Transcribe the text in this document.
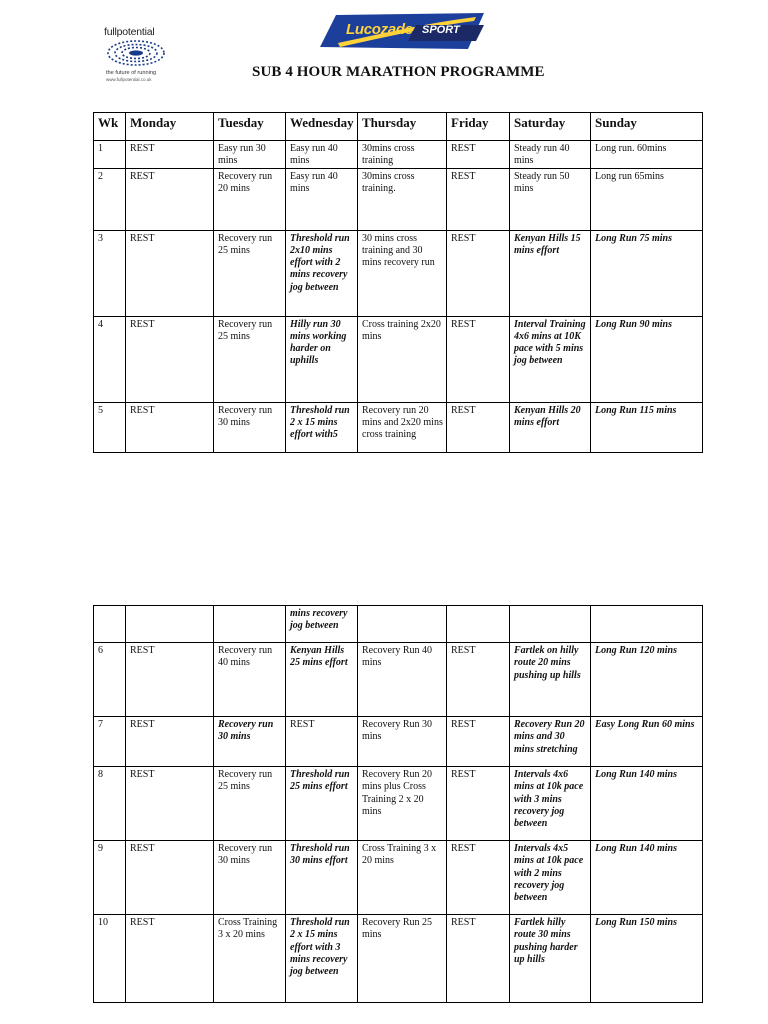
fullpotential
the future of running
www.fullpotential.co.uk
Lucozade SPORT
SUB 4 HOUR MARATHON PROGRAMME
Wk	Monday	Tuesday	Wednesday	Thursday	Friday	Saturday	Sunday
1	REST	Easy run 30 mins	Easy run 40 mins	30mins cross training	REST	Steady run 40 mins	Long run. 60mins
2	REST	Recovery run 20 mins	Easy run 40 mins	30mins cross training.	REST	Steady run 50 mins	Long run 65mins
3	REST	Recovery run 25 mins	Threshold run 2x10 mins effort with 2 mins recovery jog between	30 mins cross training and 30 mins recovery run	REST	Kenyan Hills 15 mins effort	Long Run 75 mins
4	REST	Recovery run 25 mins	Hilly run 30 mins working harder on uphills	Cross training 2x20 mins	REST	Interval Training 4x6 mins at 10K pace with 5 mins jog between	Long Run 90 mins
5	REST	Recovery run 30 mins	Threshold run 2 x 15 mins effort with5	Recovery run 20 mins and 2x20 mins cross training	REST	Kenyan Hills 20 mins effort	Long Run 115 mins
			mins recovery jog between				
6	REST	Recovery run 40 mins	Kenyan Hills 25 mins effort	Recovery Run 40 mins	REST	Fartlek on hilly route 20 mins pushing up hills	Long Run 120 mins
7	REST	Recovery run 30 mins	REST	Recovery Run 30 mins	REST	Recovery Run 20 mins and 30 mins stretching	Easy Long Run 60 mins
8	REST	Recovery run 25 mins	Threshold run 25 mins effort	Recovery Run 20 mins plus Cross Training 2 x 20 mins	REST	Intervals 4x6 mins at 10k pace with 3 mins recovery jog between	Long Run 140 mins
9	REST	Recovery run 30 mins	Threshold run 30 mins effort	Cross Training 3 x 20 mins	REST	Intervals 4x5 mins at 10k pace with 2 mins recovery jog between	Long Run 140 mins
10	REST	Cross Training 3 x 20 mins	Threshold run 2 x 15 mins effort with 3 mins recovery jog between	Recovery Run 25 mins	REST	Fartlek hilly route 30 mins pushing harder up hills	Long Run 150 mins
